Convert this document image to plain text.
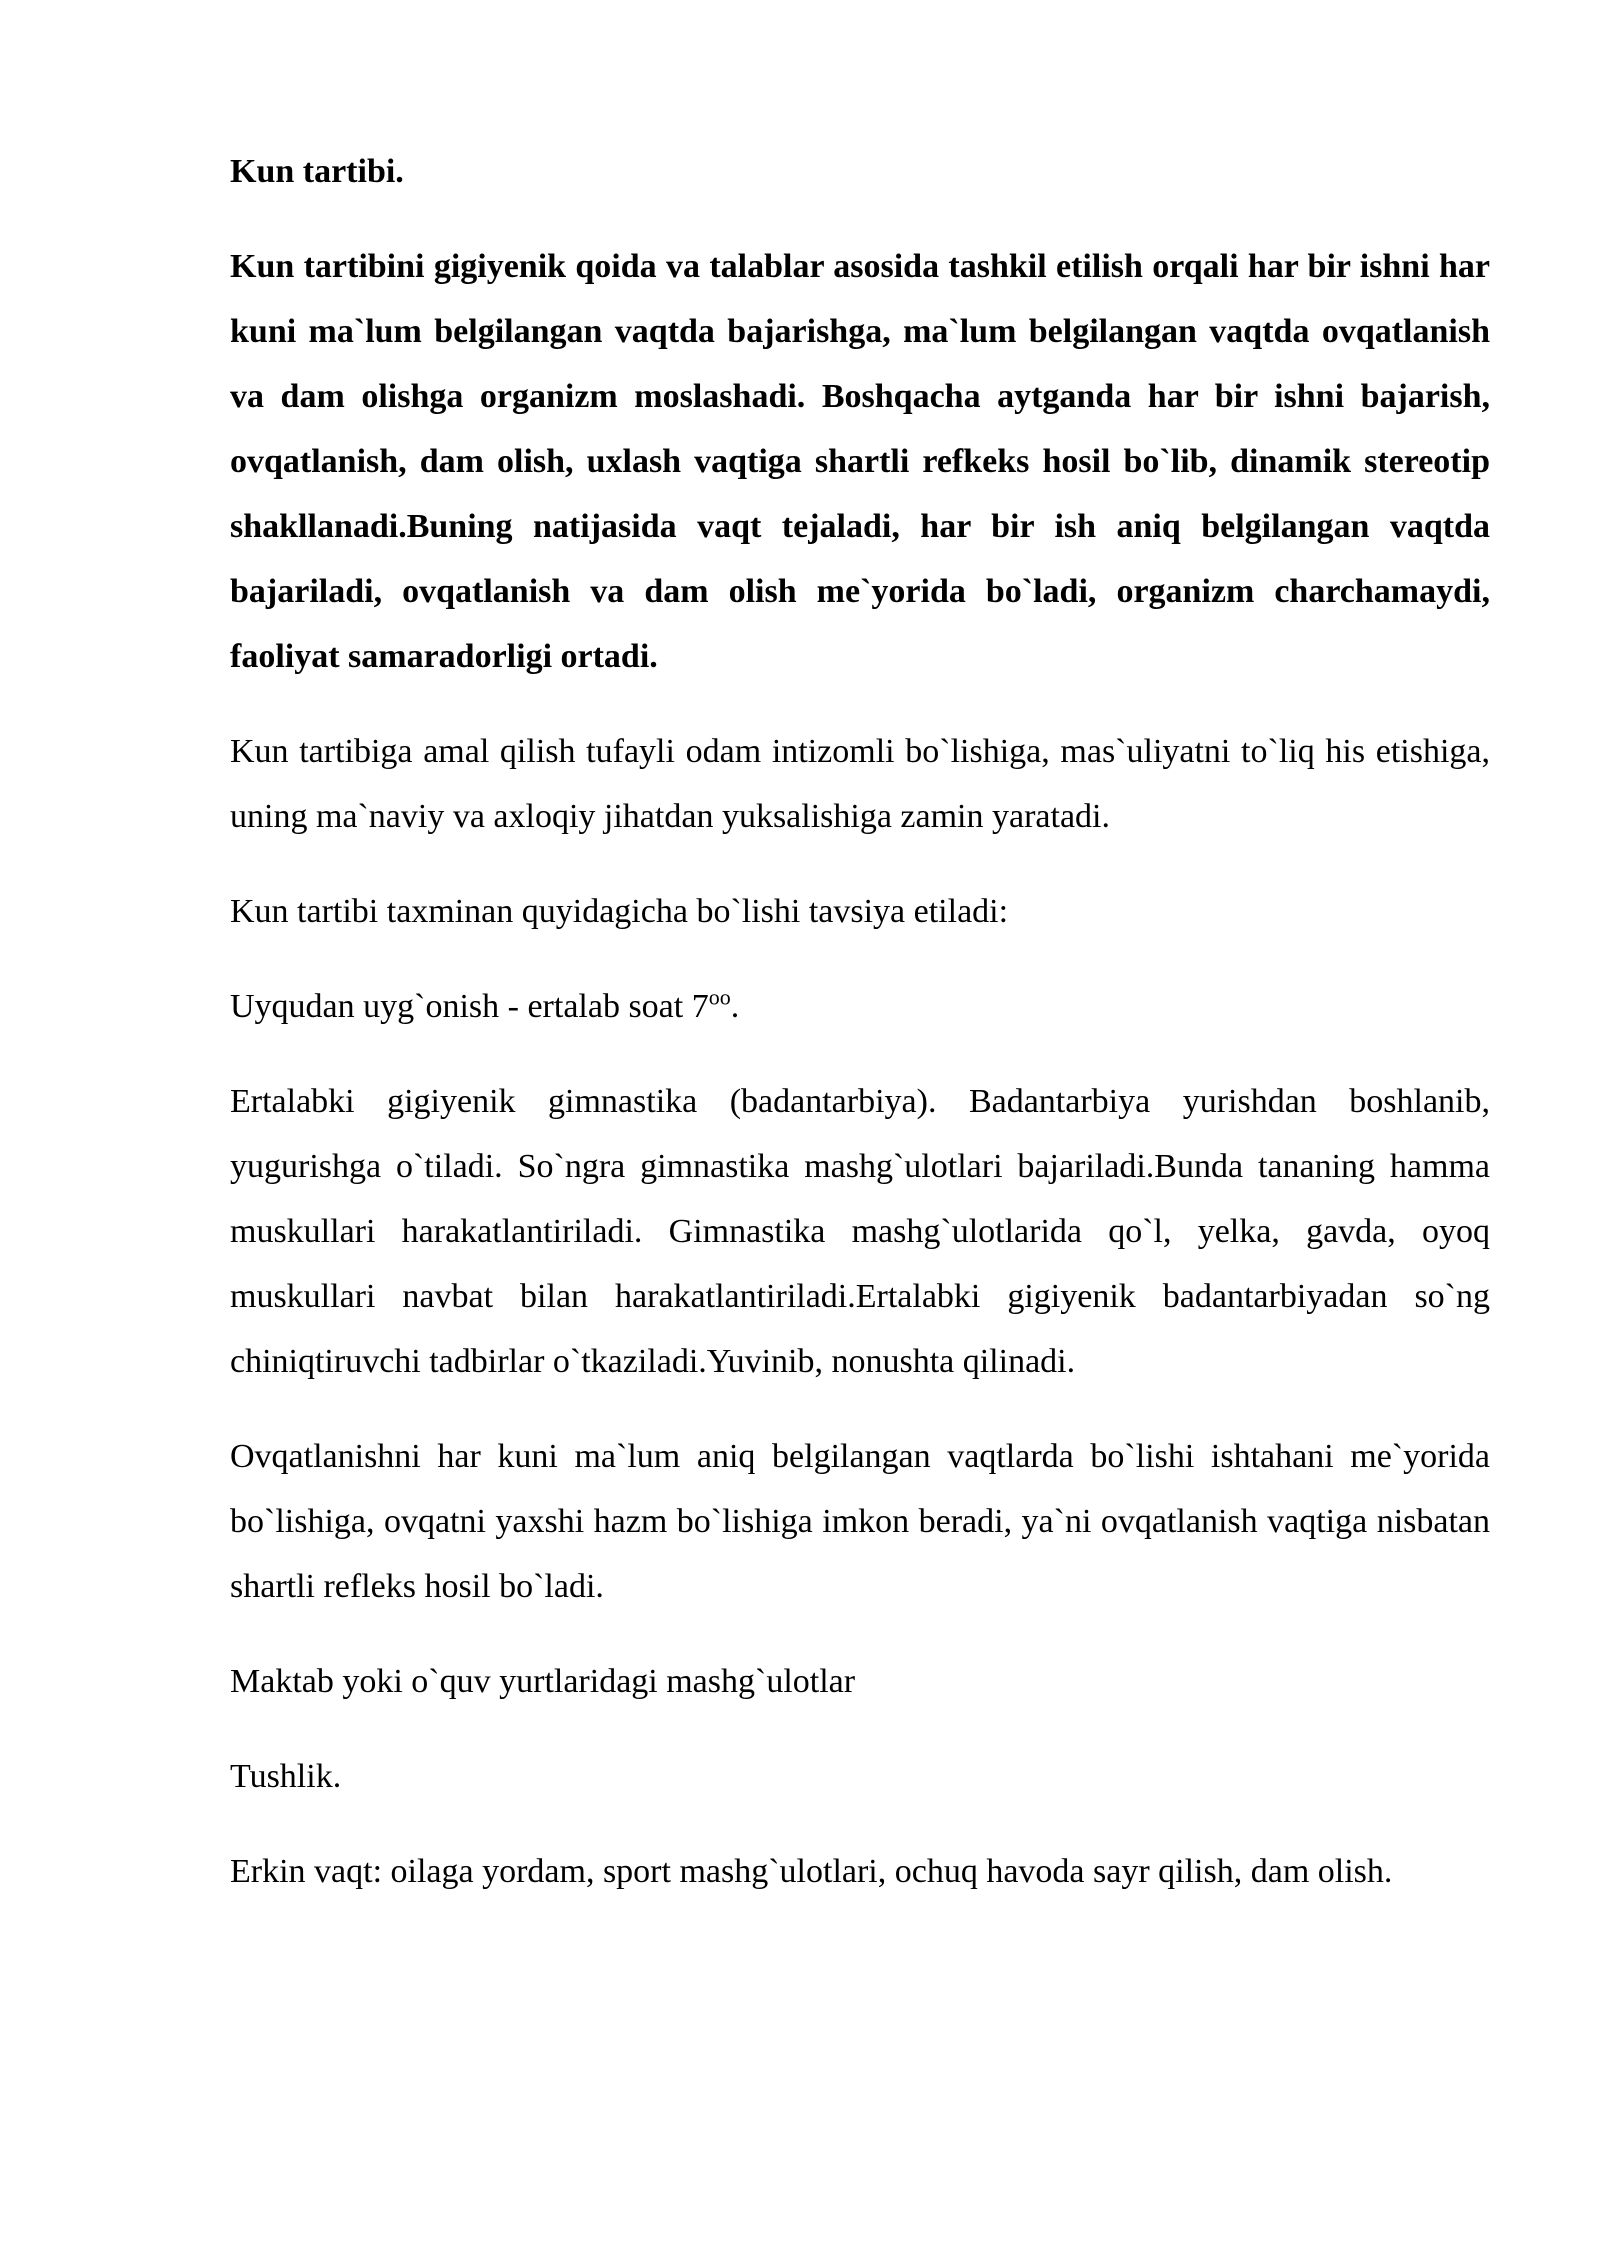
Kun tartibi.

Kun tartibini gigiyenik qoida va talablar asosida tashkil etilish orqali har bir ishni har kuni ma`lum belgilangan vaqtda bajarishga, ma`lum belgilangan vaqtda ovqatlanish va dam olishga organizm moslashadi. Boshqacha aytganda har bir ishni bajarish, ovqatlanish, dam olish, uxlash vaqtiga shartli refkeks hosil bo`lib, dinamik stereotip shakllanadi.Buning natijasida vaqt tejaladi, har bir ish aniq belgilangan vaqtda bajariladi, ovqatlanish va dam olish me`yorida bo`ladi, organizm charchamaydi, faoliyat samaradorligi ortadi.

Kun tartibiga amal qilish tufayli odam intizomli bo`lishiga, mas`uliyatni to`liq his etishiga, uning ma`naviy va axloqiy jihatdan yuksalishiga zamin yaratadi.

Kun tartibi taxminan quyidagicha bo`lishi tavsiya etiladi:

Uyqudan uyg`onish - ertalab soat $7^{oo}$.

Ertalabki gigiyenik gimnastika (badantarbiya). Badantarbiya yurishdan boshlanib, yugurishga o`tiladi. So`ngra gimnastika mashg`ulotlari bajariladi.Bunda tananing hamma muskullari harakatlantiriladi. Gimnastika mashg`ulotlarida qo`l, yelka, gavda, oyoq muskullari navbat bilan harakatlantiriladi.Ertalabki gigiyenik badantarbiyadan so`ng chiniqtiruvchi tadbirlar o`tkaziladi.Yuvinib, nonushta qilinadi.

Ovqatlanishni har kuni ma`lum aniq belgilangan vaqtlarda bo`lishi ishtahani me`yorida bo`lishiga, ovqatni yaxshi hazm bo`lishiga imkon beradi, ya`ni ovqatlanish vaqtiga nisbatan shartli refleks hosil bo`ladi.

Maktab yoki o`quv yurtlaridagi mashg`ulotlar

Tushlik.

Erkin vaqt: oilaga yordam, sport mashg`ulotlari, ochuq havoda sayr qilish, dam olish.
